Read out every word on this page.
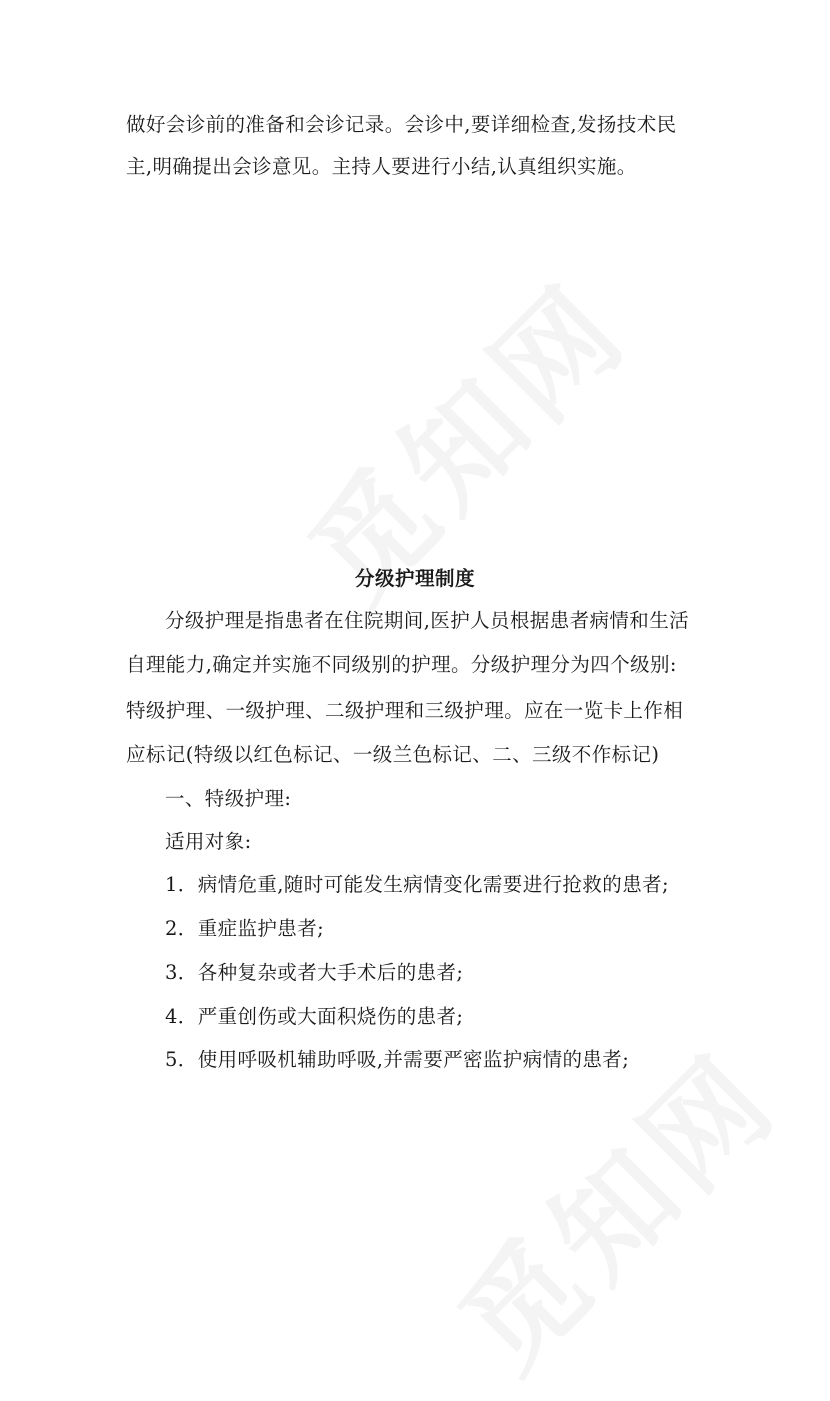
做好会诊前的准备和会诊记录。会诊中,要详细检查,发扬技术民
主,明确提出会诊意见。主持人要进行小结,认真组织实施。
分级护理制度
分级护理是指患者在住院期间,医护人员根据患者病情和生活
自理能力,确定并实施不同级别的护理。分级护理分为四个级别:
特级护理、一级护理、二级护理和三级护理。应在一览卡上作相
应标记(特级以红色标记、一级兰色标记、二、三级不作标记)
一、特级护理:
适用对象:
1．病情危重,随时可能发生病情变化需要进行抢救的患者;
2．重症监护患者;
3．各种复杂或者大手术后的患者;
4．严重创伤或大面积烧伤的患者;
5．使用呼吸机辅助呼吸,并需要严密监护病情的患者;
